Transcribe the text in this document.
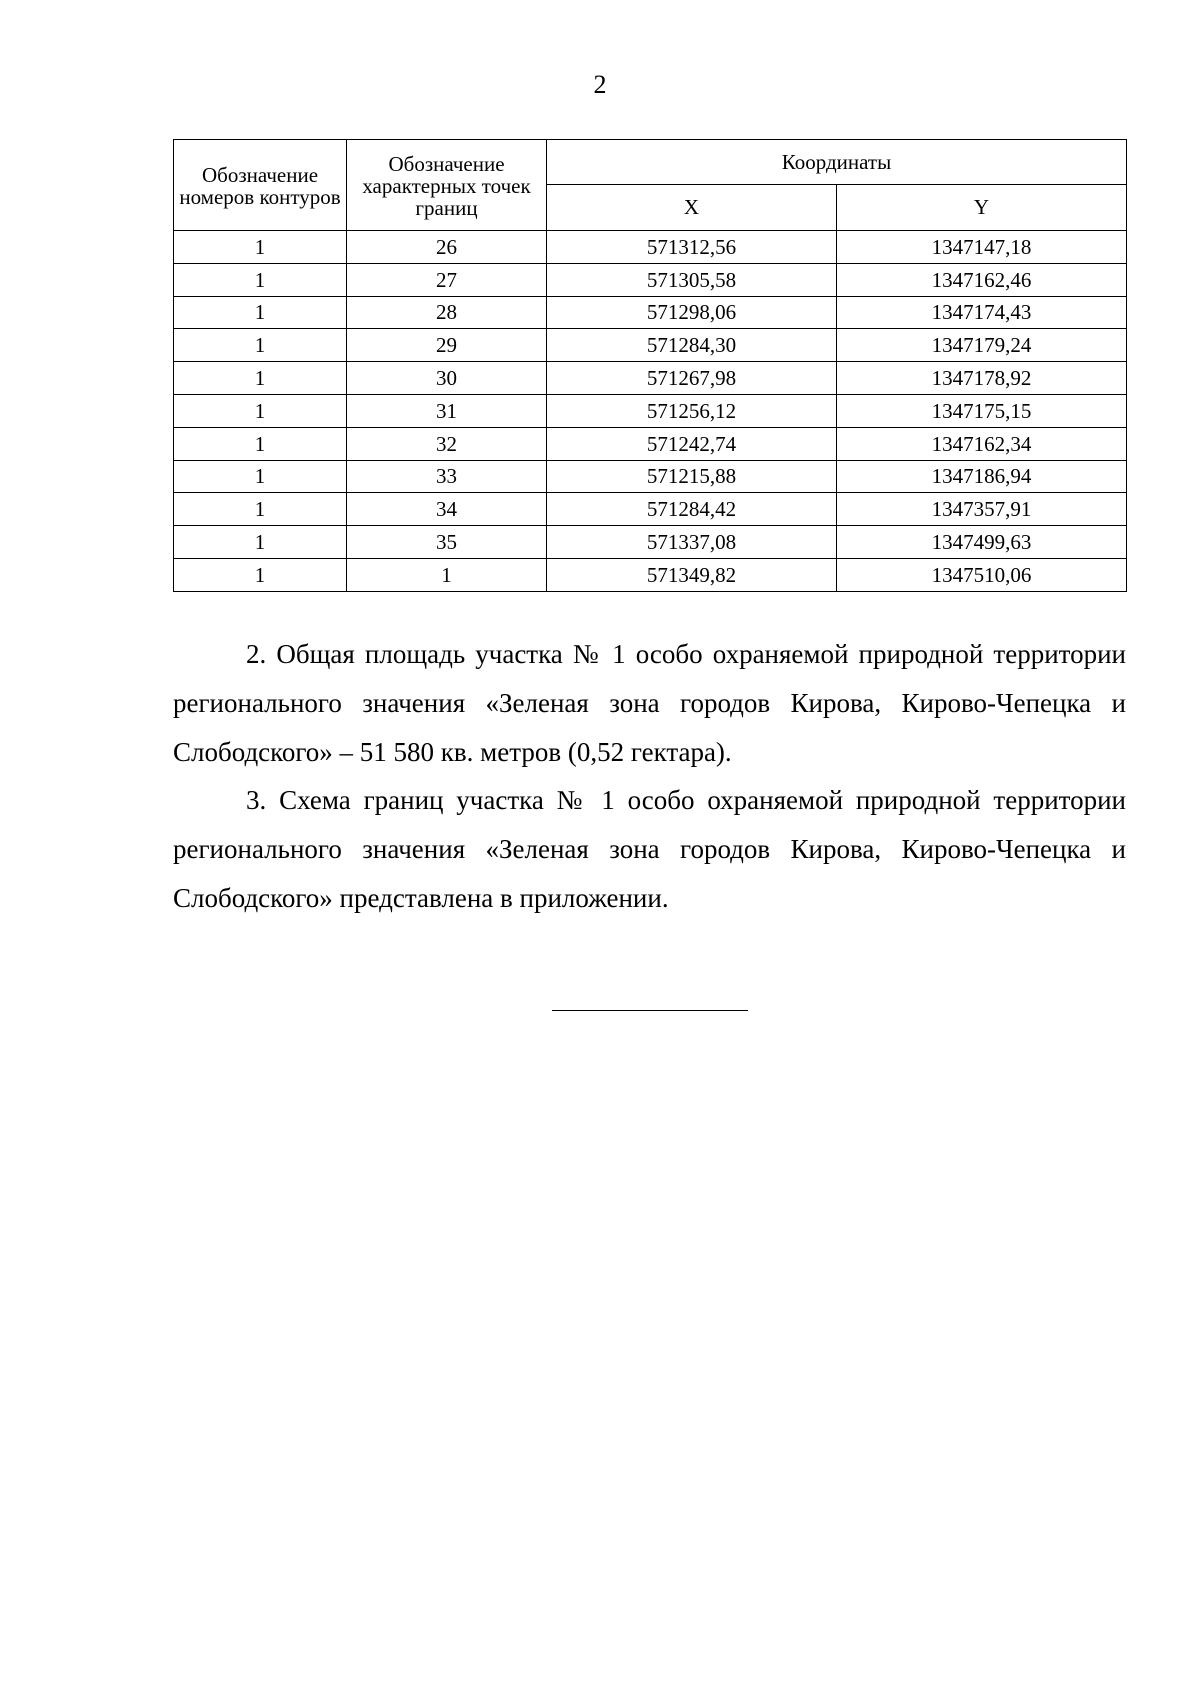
2
Обозначение номеров контуров	Обозначение характерных точек границ	Координаты	
		X	Y
1	26	571312,56	1347147,18
1	27	571305,58	1347162,46
1	28	571298,06	1347174,43
1	29	571284,30	1347179,24
1	30	571267,98	1347178,92
1	31	571256,12	1347175,15
1	32	571242,74	1347162,34
1	33	571215,88	1347186,94
1	34	571284,42	1347357,91
1	35	571337,08	1347499,63
1	1	571349,82	1347510,06

2. Общая площадь участка № 1 особо охраняемой природной территории регионального значения «Зеленая зона городов Кирова, Кирово-Чепецка и Слободского» – 51 580 кв. метров (0,52 гектара).

3. Схема границ участка № 1 особо охраняемой природной территории регионального значения «Зеленая зона городов Кирова, Кирово-Чепецка и Слободского» представлена в приложении.
